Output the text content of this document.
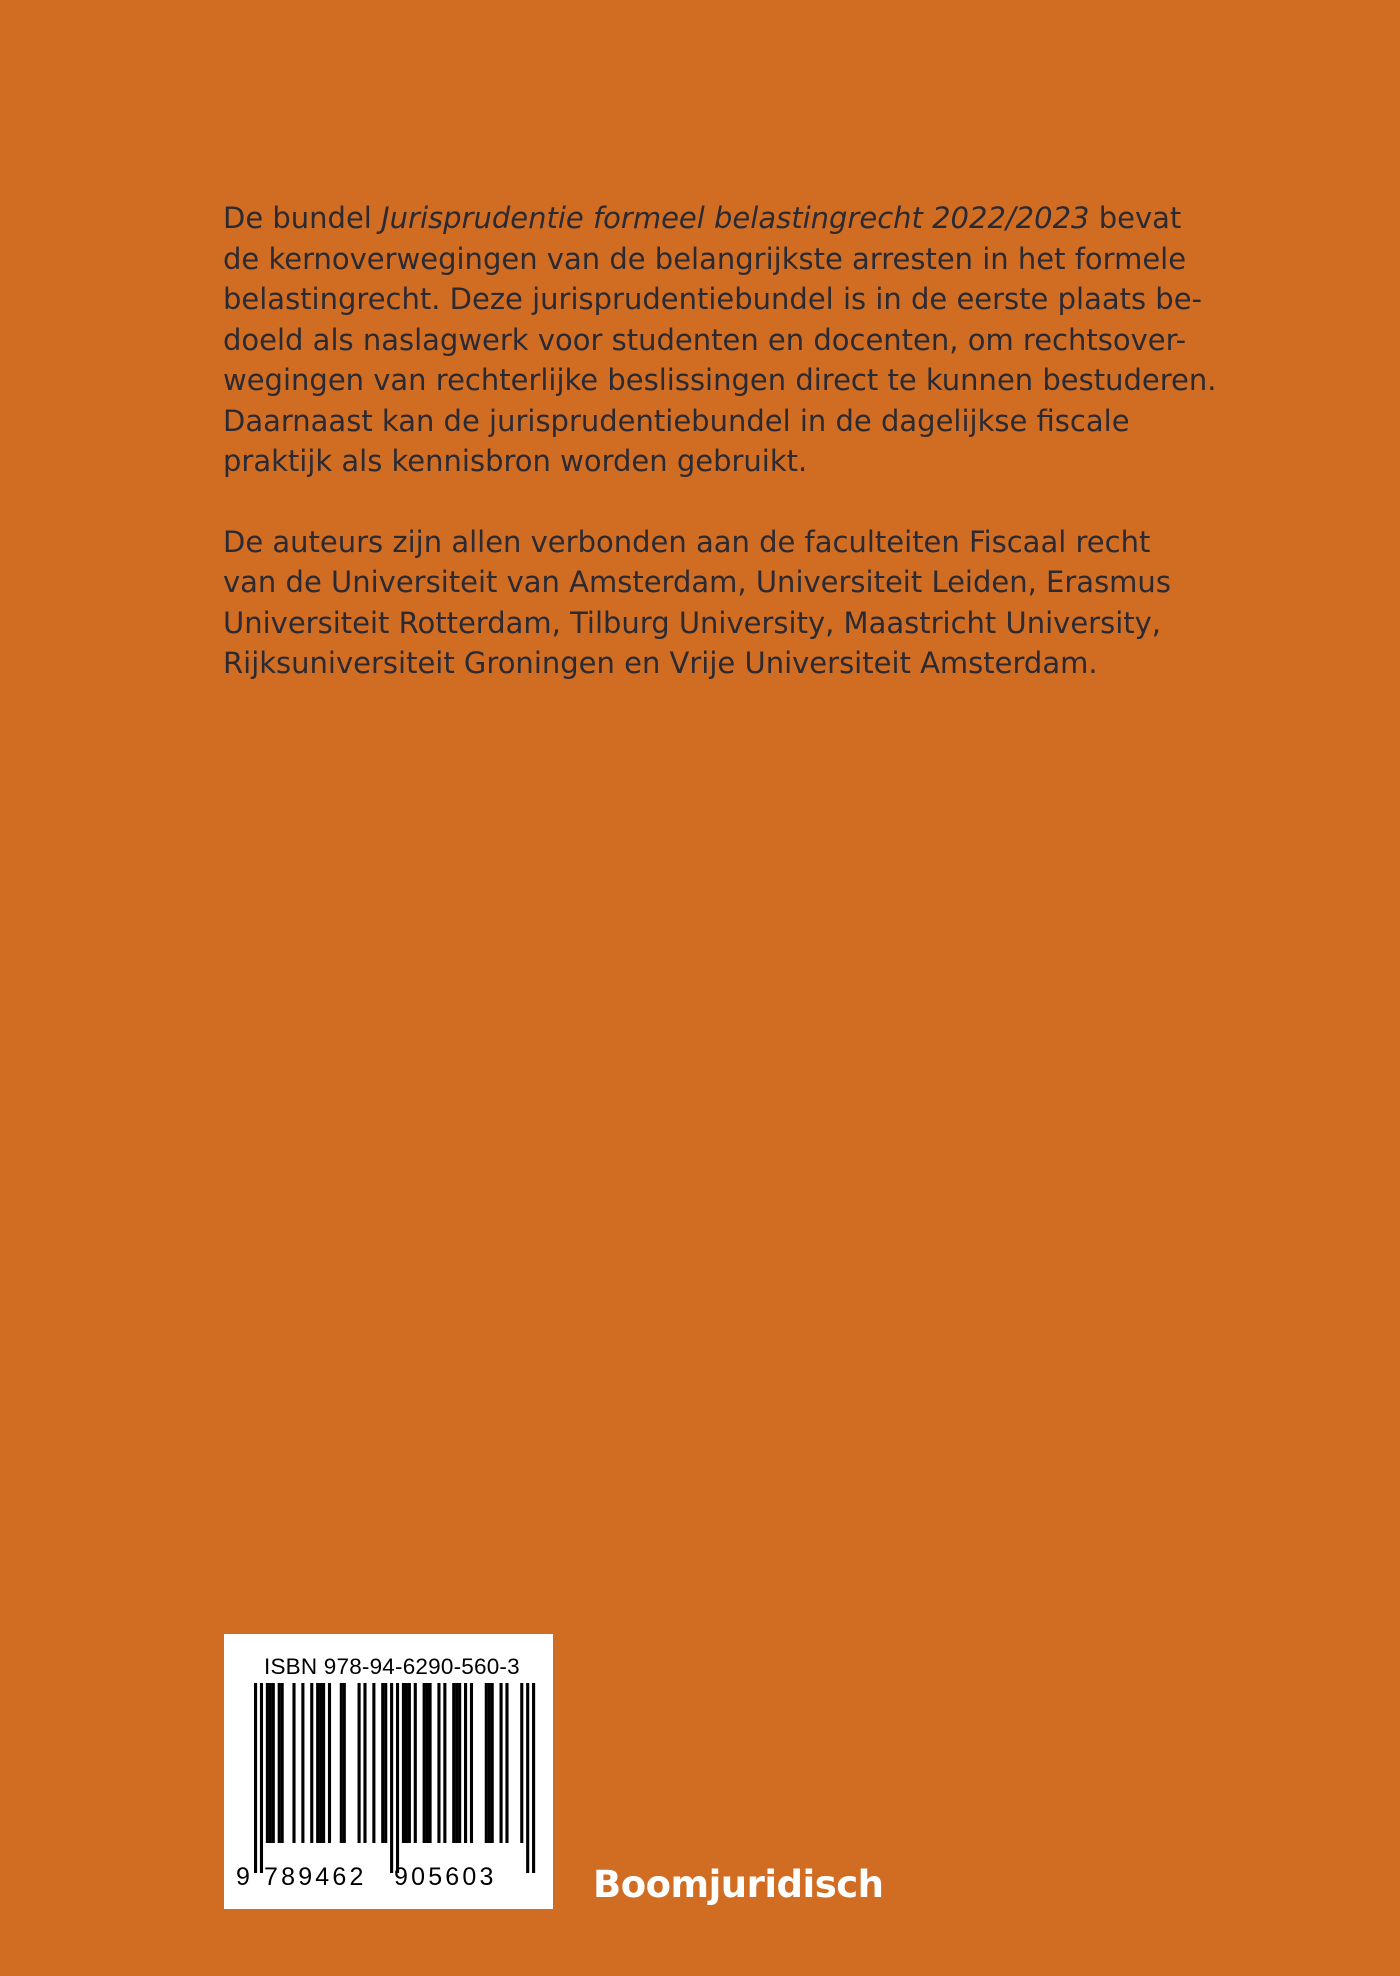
De bundel Jurisprudentie formeel belastingrecht 2022/2023 bevat
de kernoverwegingen van de belangrijkste arresten in het formele
belastingrecht. Deze jurisprudentiebundel is in de eerste plaats be-
doeld als naslagwerk voor studenten en docenten, om rechtsover-
wegingen van rechterlijke beslissingen direct te kunnen bestuderen.
Daarnaast kan de jurisprudentiebundel in de dagelijkse fiscale
praktijk als kennisbron worden gebruikt.

De auteurs zijn allen verbonden aan de faculteiten Fiscaal recht
van de Universiteit van Amsterdam, Universiteit Leiden, Erasmus
Universiteit Rotterdam, Tilburg University, Maastricht University,
Rijksuniversiteit Groningen en Vrije Universiteit Amsterdam.

ISBN 978-94-6290-560-3
9 789462 905603	Boomjuridisch
